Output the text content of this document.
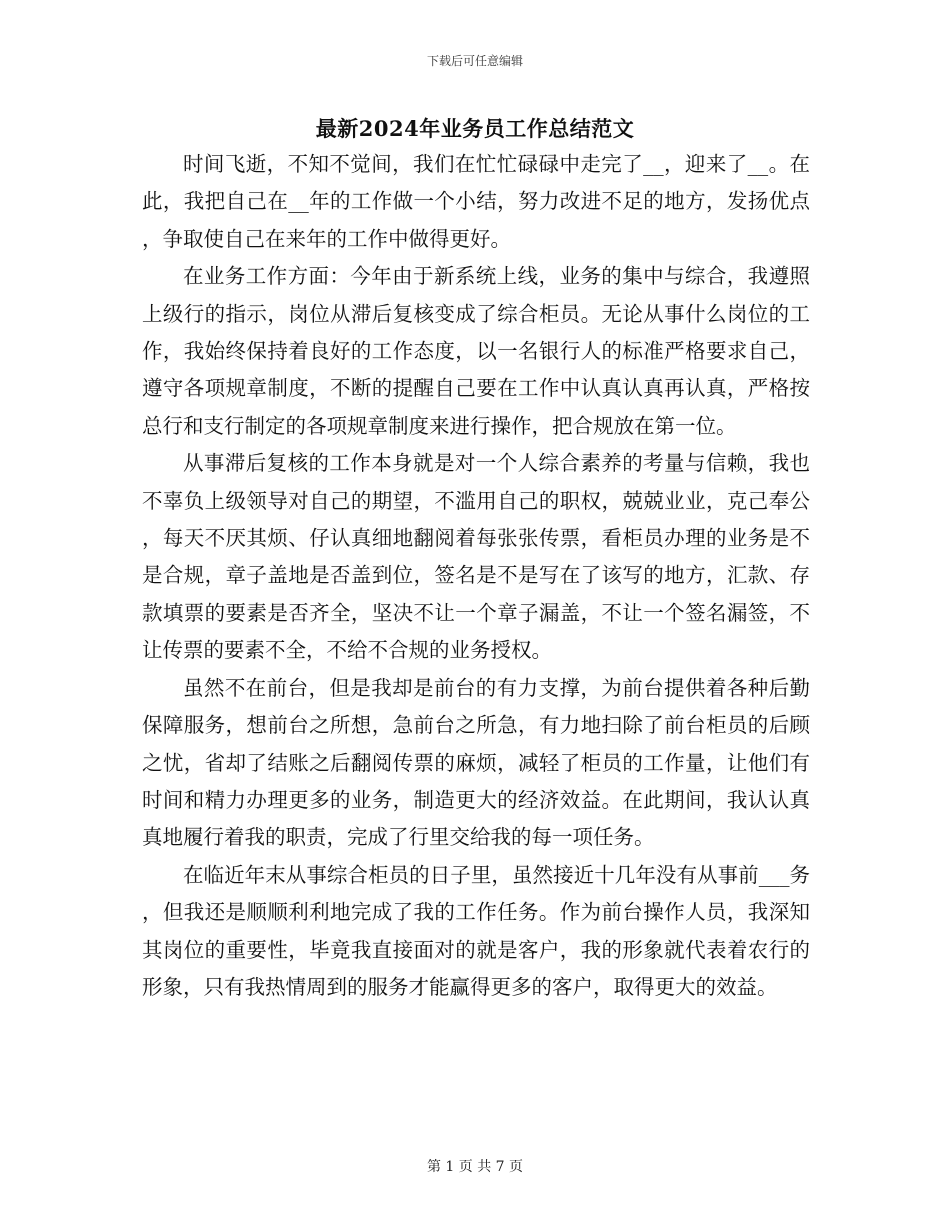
下载后可任意编辑
最新2024年业务员工作总结范文

时间飞逝，不知不觉间，我们在忙忙碌碌中走完了__，迎来了__。在此，我把自己在__年的工作做一个小结，努力改进不足的地方，发扬优点，争取使自己在来年的工作中做得更好。

在业务工作方面：今年由于新系统上线，业务的集中与综合，我遵照上级行的指示，岗位从滞后复核变成了综合柜员。无论从事什么岗位的工作，我始终保持着良好的工作态度，以一名银行人的标准严格要求自己，遵守各项规章制度，不断的提醒自己要在工作中认真认真再认真，严格按总行和支行制定的各项规章制度来进行操作，把合规放在第一位。

从事滞后复核的工作本身就是对一个人综合素养的考量与信赖，我也不辜负上级领导对自己的期望，不滥用自己的职权，兢兢业业，克己奉公，每天不厌其烦、仔认真细地翻阅着每张张传票，看柜员办理的业务是不是合规，章子盖地是否盖到位，签名是不是写在了该写的地方，汇款、存款填票的要素是否齐全，坚决不让一个章子漏盖，不让一个签名漏签，不让传票的要素不全，不给不合规的业务授权。

虽然不在前台，但是我却是前台的有力支撑，为前台提供着各种后勤保障服务，想前台之所想，急前台之所急，有力地扫除了前台柜员的后顾之忧，省却了结账之后翻阅传票的麻烦，减轻了柜员的工作量，让他们有时间和精力办理更多的业务，制造更大的经济效益。在此期间，我认认真真地履行着我的职责，完成了行里交给我的每一项任务。

在临近年末从事综合柜员的日子里，虽然接近十几年没有从事前___务，但我还是顺顺利利地完成了我的工作任务。作为前台操作人员，我深知其岗位的重要性，毕竟我直接面对的就是客户，我的形象就代表着农行的形象，只有我热情周到的服务才能赢得更多的客户，取得更大的效益。

第 1 页 共 7 页
